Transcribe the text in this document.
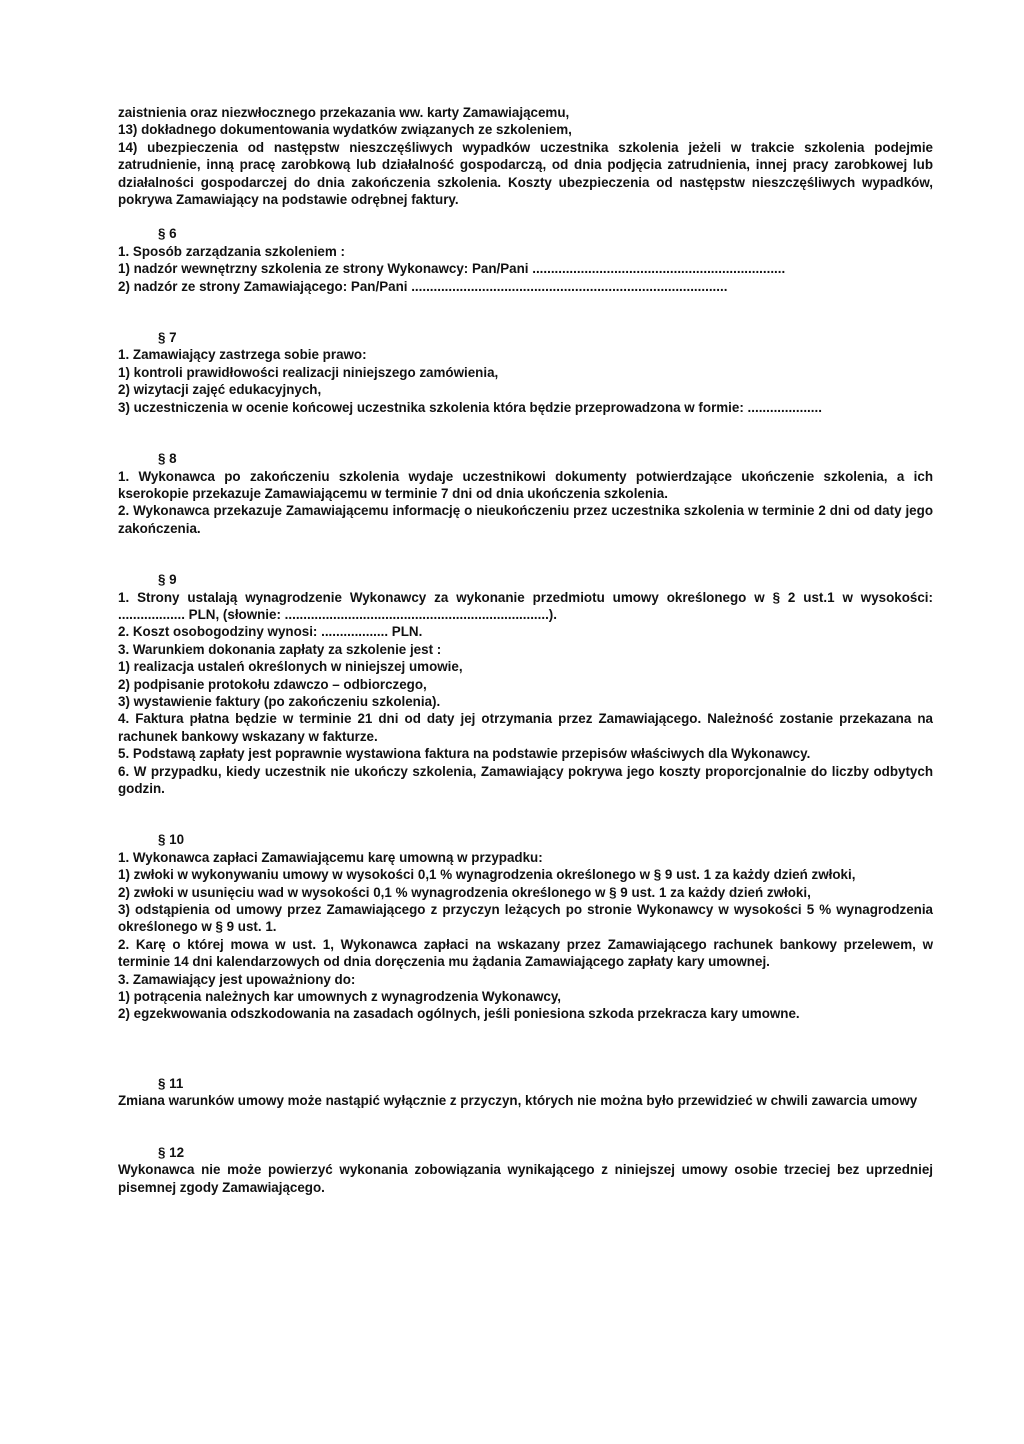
zaistnienia oraz niezwłocznego przekazania ww. karty Zamawiającemu,

13) dokładnego dokumentowania wydatków związanych ze szkoleniem,

14) ubezpieczenia od następstw nieszczęśliwych wypadków uczestnika szkolenia jeżeli w trakcie szkolenia podejmie zatrudnienie, inną pracę zarobkową lub działalność gospodarczą, od dnia podjęcia zatrudnienia, innej pracy zarobkowej lub działalności gospodarczej do dnia zakończenia szkolenia. Koszty ubezpieczenia od następstw nieszczęśliwych wypadków, pokrywa Zamawiający na podstawie odrębnej faktury.

§ 6

1. Sposób zarządzania szkoleniem :

1) nadzór wewnętrzny szkolenia ze strony Wykonawcy: Pan/Pani ....................................................................

2) nadzór ze strony Zamawiającego: Pan/Pani .....................................................................................

§ 7

1. Zamawiający zastrzega sobie prawo:

1) kontroli prawidłowości realizacji niniejszego zamówienia,

2) wizytacji zajęć edukacyjnych,

3) uczestniczenia w ocenie końcowej uczestnika szkolenia która będzie przeprowadzona w formie: ....................

§ 8

1. Wykonawca po zakończeniu szkolenia wydaje uczestnikowi dokumenty potwierdzające ukończenie szkolenia, a ich kserokopie przekazuje Zamawiającemu w terminie 7 dni od dnia ukończenia szkolenia.

2. Wykonawca przekazuje Zamawiającemu informację o nieukończeniu przez uczestnika szkolenia w terminie 2 dni od daty jego zakończenia.

§ 9

1. Strony ustalają wynagrodzenie Wykonawcy za wykonanie przedmiotu umowy określonego w § 2 ust.1 w wysokości: .................. PLN, (słownie: .......................................................................).

2. Koszt osobogodziny wynosi: .................. PLN.

3. Warunkiem dokonania zapłaty za szkolenie jest :

1) realizacja ustaleń określonych w niniejszej umowie,

2) podpisanie protokołu zdawczo – odbiorczego,

3) wystawienie faktury (po zakończeniu szkolenia).

4. Faktura płatna będzie w terminie 21 dni od daty jej otrzymania przez Zamawiającego. Należność zostanie przekazana na rachunek bankowy wskazany w fakturze.

5. Podstawą zapłaty jest poprawnie wystawiona faktura na podstawie przepisów właściwych dla Wykonawcy.

6. W przypadku, kiedy uczestnik nie ukończy szkolenia, Zamawiający pokrywa jego koszty proporcjonalnie do liczby odbytych godzin.

§ 10

1. Wykonawca zapłaci Zamawiającemu karę umowną w przypadku:

1) zwłoki w wykonywaniu umowy w wysokości 0,1 % wynagrodzenia określonego w § 9 ust. 1 za każdy dzień zwłoki,

2) zwłoki w usunięciu wad w wysokości 0,1 % wynagrodzenia określonego w § 9 ust. 1 za każdy dzień zwłoki,

3) odstąpienia od umowy przez Zamawiającego z przyczyn leżących po stronie Wykonawcy w wysokości 5 % wynagrodzenia określonego w § 9 ust. 1.

2. Karę o której mowa w ust. 1, Wykonawca zapłaci na wskazany przez Zamawiającego rachunek bankowy przelewem, w terminie 14 dni kalendarzowych od dnia doręczenia mu żądania Zamawiającego zapłaty kary umownej.

3. Zamawiający jest upoważniony do:

1) potrącenia należnych kar umownych z wynagrodzenia Wykonawcy,

2) egzekwowania odszkodowania na zasadach ogólnych, jeśli poniesiona szkoda przekracza kary umowne.

§ 11

Zmiana warunków umowy może nastąpić wyłącznie z przyczyn, których nie można było przewidzieć w chwili zawarcia umowy

§ 12

Wykonawca nie może powierzyć wykonania zobowiązania wynikającego z niniejszej umowy osobie trzeciej bez uprzedniej pisemnej zgody Zamawiającego.
